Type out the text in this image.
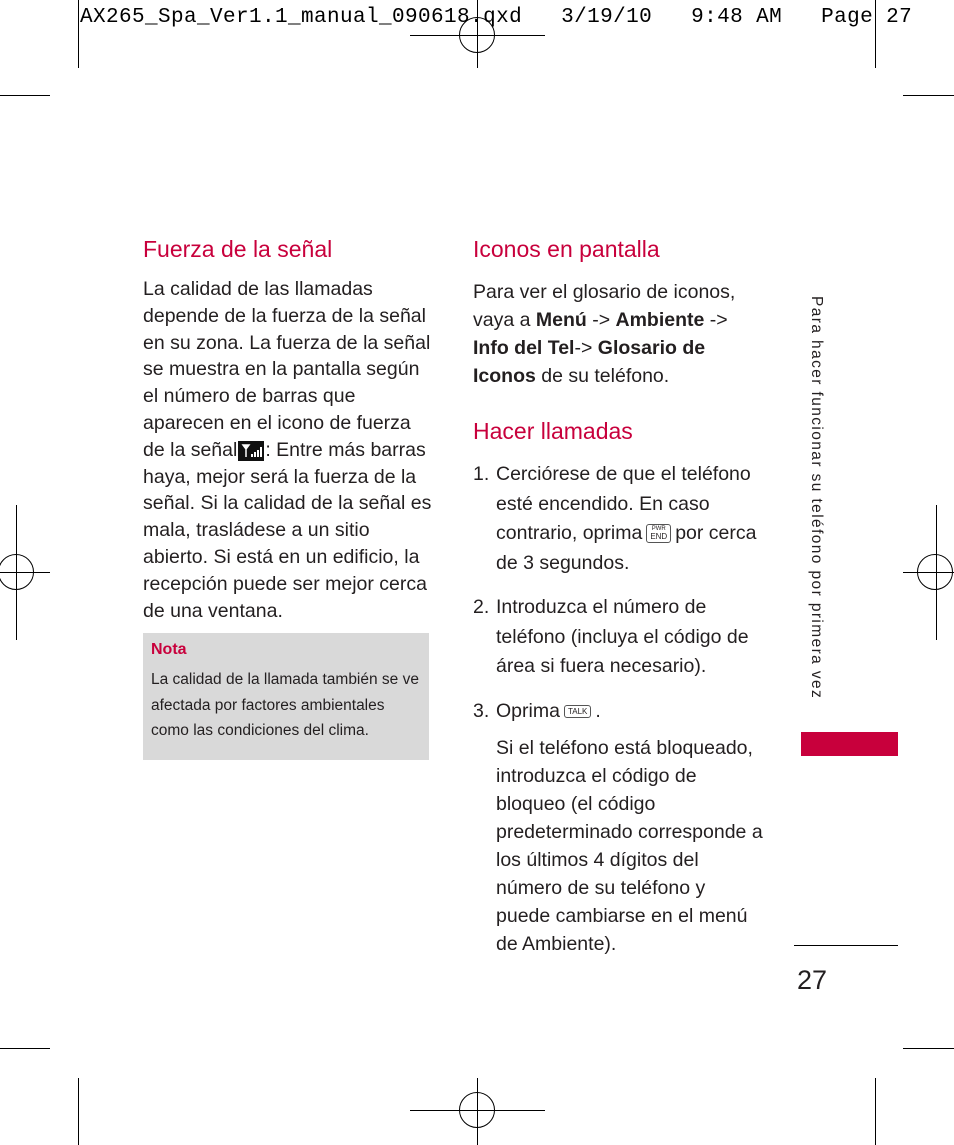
AX265_Spa_Ver1.1_manual_090618.qxd   3/19/10   9:48 AM   Page 27
Fuerza de la señal
La calidad de las llamadas depende de la fuerza de la señal en su zona. La fuerza de la señal se muestra en la pantalla según el número de barras que aparecen en el icono de fuerza de la señal : Entre más barras haya, mejor será la fuerza de la señal. Si la calidad de la señal es mala, trasládese a un sitio abierto. Si está en un edificio, la recepción puede ser mejor cerca de una ventana.
Nota
La calidad de la llamada también se ve afectada por factores ambientales como las condiciones del clima.
Iconos en pantalla
Para ver el glosario de iconos, vaya a Menú -> Ambiente -> Info del Tel-> Glosario de Iconos de su teléfono.
Hacer llamadas
1. Cerciórese de que el teléfono esté encendido. En caso contrario, oprima PWR
END por cerca de 3 segundos.
2. Introduzca el número de teléfono (incluya el código de área si fuera necesario).
3. Oprima TALK .
Si el teléfono está bloqueado, introduzca el código de bloqueo (el código predeterminado corresponde a los últimos 4 dígitos del número de su teléfono y puede cambiarse en el menú de Ambiente).
Para hacer funcionar su teléfono por primera vez
27
